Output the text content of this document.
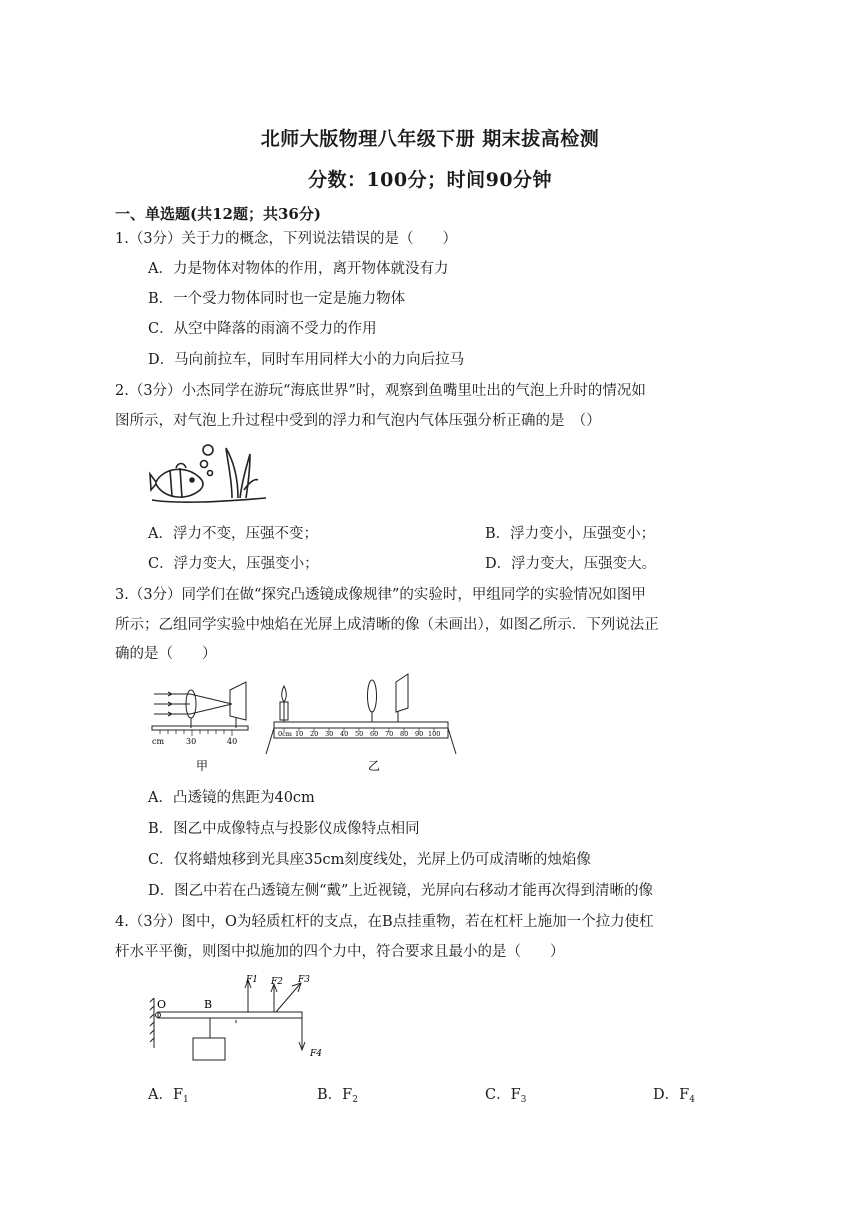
北师大版物理八年级下册 期末拔高检测
分数：100分；时间90分钟
一、单选题(共12题；共36分)
1.（3分）关于力的概念，下列说法错误的是（　　）
A．力是物体对物体的作用，离开物体就没有力
B．一个受力物体同时也一定是施力物体
C．从空中降落的雨滴不受力的作用
D．马向前拉车，同时车用同样大小的力向后拉马
2.（3分）小杰同学在游玩“海底世界”时，观察到鱼嘴里吐出的气泡上升时的情况如
图所示，对气泡上升过程中受到的浮力和气泡内气体压强分析正确的是　（）
A．浮力不变，压强不变；	B．浮力变小，压强变小；
C．浮力变大，压强变小；	D．浮力变大，压强变大。
3.（3分）同学们在做“探究凸透镜成像规律”的实验时，甲组同学的实验情况如图甲
所示；乙组同学实验中烛焰在光屏上成清晰的像（未画出），如图乙所示．下列说法正
确的是（　　）
cm	30	40
甲
0cm 10 20 30 40 50 60 70 80 90 100
乙
A．凸透镜的焦距为40cm
B．图乙中成像特点与投影仪成像特点相同
C．仅将蜡烛移到光具座35cm刻度线处，光屏上仍可成清晰的烛焰像
D．图乙中若在凸透镜左侧“戴”上近视镜，光屏向右移动才能再次得到清晰的像
4.（3分）图中，O为轻质杠杆的支点，在B点挂重物，若在杠杆上施加一个拉力使杠
杆水平平衡，则图中拟施加的四个力中，符合要求且最小的是（　　）
O	B
F1 F2 F3
F4
A．$F_1$	B．$F_2$	C．$F_3$	D．$F_4$
